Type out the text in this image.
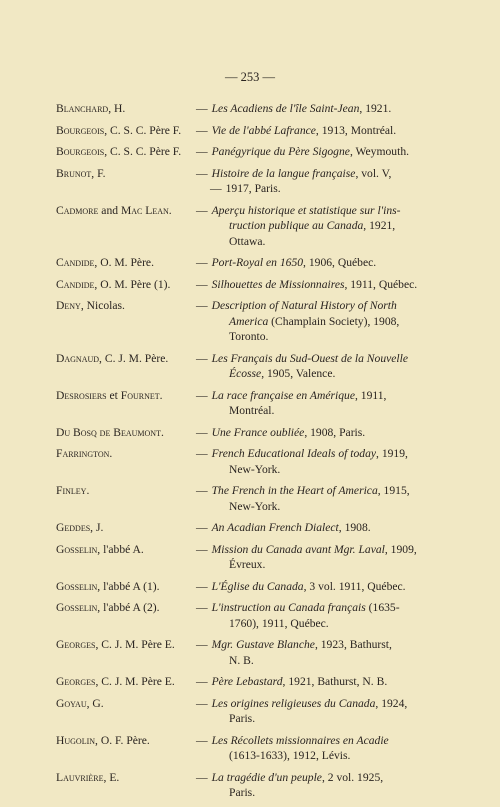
— 253 —
Blanchard, H.	— Les Acadiens de l'île Saint-Jean, 1921.
Bourgeois, C. S. C. Père F.	— Vie de l'abbé Lafrance, 1913, Montréal.
Bourgeois, C. S. C. Père F.	— Panégyrique du Père Sigogne, Weymouth.
Brunot, F.	— Histoire de la langue française, vol. V,
— 1917, Paris.
Cadmore and Mac Lean.	— Aperçu historique et statistique sur l'ins-
truction publique au Canada, 1921,
Ottawa.
Candide, O. M. Père.	— Port-Royal en 1650, 1906, Québec.
Candide, O. M. Père (1).	— Silhouettes de Missionnaires, 1911, Québec.
Deny, Nicolas.	— Description of Natural History of North
America (Champlain Society), 1908,
Toronto.
Dagnaud, C. J. M. Père.	— Les Français du Sud-Ouest de la Nouvelle
Écosse, 1905, Valence.
Desrosiers et Fournet.	— La race française en Amérique, 1911,
Montréal.
Du Bosq de Beaumont.	— Une France oubliée, 1908, Paris.
Farrington.	— French Educational Ideals of today, 1919,
New-York.
Finley.	— The French in the Heart of America, 1915,
New-York.
Geddes, J.	— An Acadian French Dialect, 1908.
Gosselin, l'abbé A.	— Mission du Canada avant Mgr. Laval, 1909,
Évreux.
Gosselin, l'abbé A (1).	— L'Église du Canada, 3 vol. 1911, Québec.
Gosselin, l'abbé A (2).	— L'instruction au Canada français (1635-
1760), 1911, Québec.
Georges, C. J. M. Père E.	— Mgr. Gustave Blanche, 1923, Bathurst,
N. B.
Georges, C. J. M. Père E.	— Père Lebastard, 1921, Bathurst, N. B.
Goyau, G.	— Les origines religieuses du Canada, 1924,
Paris.
Hugolin, O. F. Père.	— Les Récollets missionnaires en Acadie
(1613-1633), 1912, Lévis.
Lauvrière, E.	— La tragédie d'un peuple, 2 vol. 1925,
Paris.
